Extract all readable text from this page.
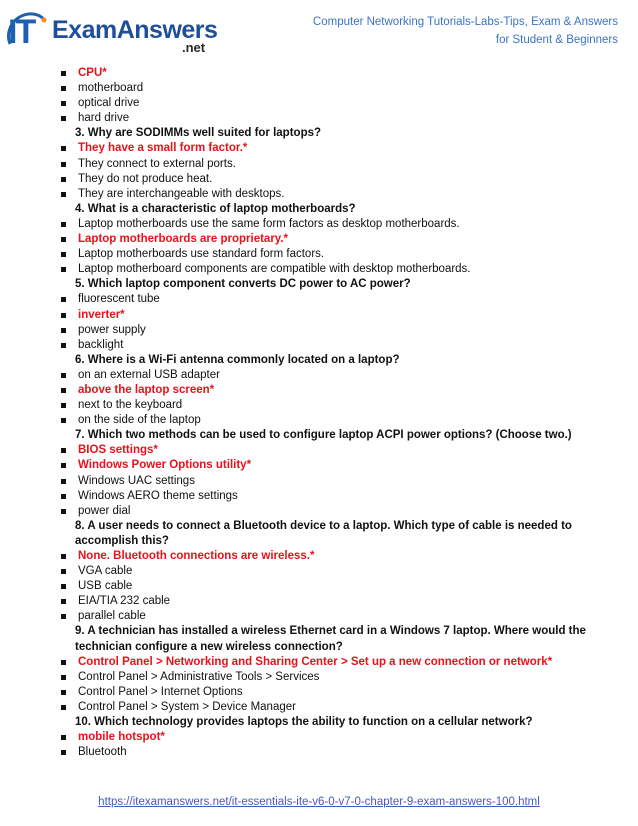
IT ExamAnswers
.net
Computer Networking Tutorials-Labs-Tips, Exam & Answers
for Student & Beginners
CPU*
motherboard
optical drive
hard drive
3. Why are SODIMMs well suited for laptops?
They have a small form factor.*
They connect to external ports.
They do not produce heat.
They are interchangeable with desktops.
4. What is a characteristic of laptop motherboards?
Laptop motherboards use the same form factors as desktop motherboards.
Laptop motherboards are proprietary.*
Laptop motherboards use standard form factors.
Laptop motherboard components are compatible with desktop motherboards.
5. Which laptop component converts DC power to AC power?
fluorescent tube
inverter*
power supply
backlight
6. Where is a Wi-Fi antenna commonly located on a laptop?
on an external USB adapter
above the laptop screen*
next to the keyboard
on the side of the laptop
7. Which two methods can be used to configure laptop ACPI power options? (Choose two.)
BIOS settings*
Windows Power Options utility*
Windows UAC settings
Windows AERO theme settings
power dial
8. A user needs to connect a Bluetooth device to a laptop. Which type of cable is needed to
accomplish this?
None. Bluetooth connections are wireless.*
VGA cable
USB cable
EIA/TIA 232 cable
parallel cable
9. A technician has installed a wireless Ethernet card in a Windows 7 laptop. Where would the
technician configure a new wireless connection?
Control Panel > Networking and Sharing Center > Set up a new connection or network*
Control Panel > Administrative Tools > Services
Control Panel > Internet Options
Control Panel > System > Device Manager
10. Which technology provides laptops the ability to function on a cellular network?
mobile hotspot*
Bluetooth
https://itexamanswers.net/it-essentials-ite-v6-0-v7-0-chapter-9-exam-answers-100.html
